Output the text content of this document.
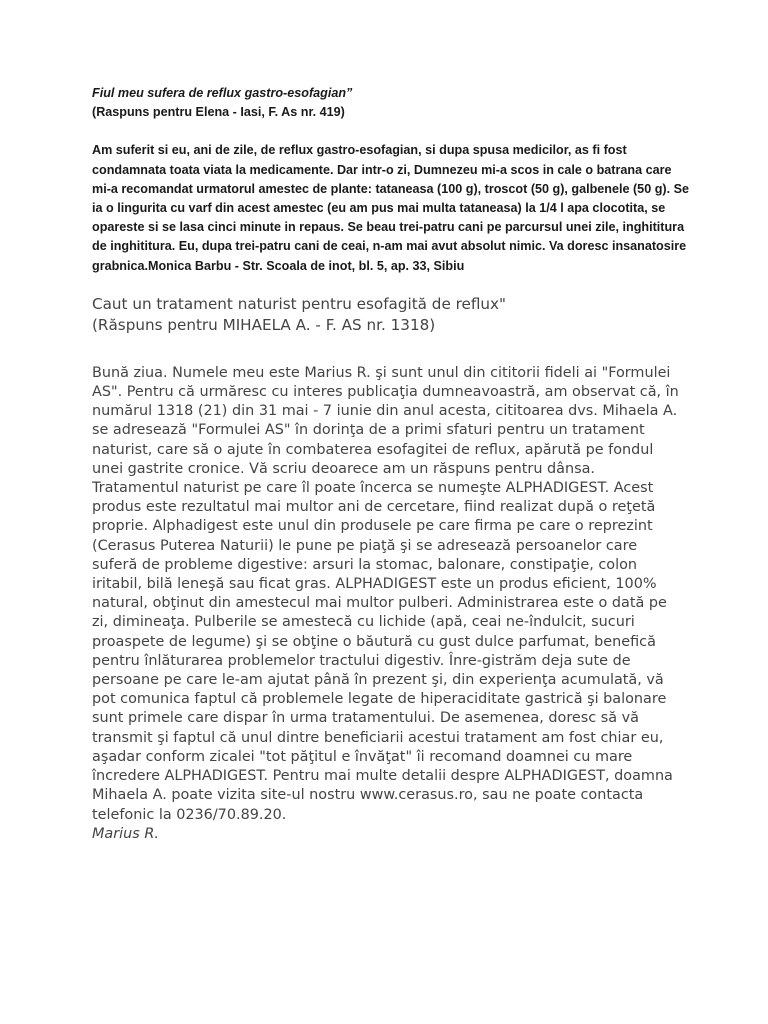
Fiul meu sufera de reflux gastro-esofagian”

(Raspuns pentru Elena - Iasi, F. As nr. 419)

Am suferit si eu, ani de zile, de reflux gastro-esofagian, si dupa spusa medicilor, as fi fost condamnata toata viata la medicamente. Dar intr-o zi, Dumnezeu mi-a scos in cale o batrana care mi-a recomandat urmatorul amestec de plante: tataneasa (100 g), troscot (50 g), galbenele (50 g). Se ia o lingurita cu varf din acest amestec (eu am pus mai multa tataneasa) la 1/4 l apa clocotita, se opareste si se lasa cinci minute in repaus. Se beau trei-patru cani pe parcursul unei zile, inghititura de inghititura. Eu, dupa trei-patru cani de ceai, n-am mai avut absolut nimic. Va doresc insanatosire grabnica.Monica Barbu - Str. Scoala de inot, bl. 5, ap. 33, Sibiu

Caut un tratament naturist pentru esofagită de reflux"
(Răspuns pentru MIHAELA A. - F. AS nr. 1318)

Bună ziua. Numele meu este Marius R. şi sunt unul din cititorii fideli ai "Formulei AS". Pentru că urmăresc cu interes publicaţia dumneavoastră, am observat că, în numărul 1318 (21) din 31 mai - 7 iunie din anul acesta, cititoarea dvs. Mihaela A. se adresează "Formulei AS" în dorinţa de a primi sfaturi pentru un tratament naturist, care să o ajute în combaterea esofagitei de reflux, apărută pe fondul unei gastrite cronice. Vă scriu deoarece am un răspuns pentru dânsa. Tratamentul naturist pe care îl poate încerca se numeşte ALPHADIGEST. Acest produs este rezultatul mai multor ani de cercetare, fiind realizat după o reţetă proprie. Alphadigest este unul din produsele pe care firma pe care o reprezint (Cerasus Puterea Naturii) le pune pe piaţă şi se adresează persoanelor care suferă de probleme digestive: arsuri la stomac, balonare, constipaţie, colon iritabil, bilă leneşă sau ficat gras. ALPHADIGEST este un produs eficient, 100% natural, obţinut din amestecul mai multor pulberi. Administrarea este o dată pe zi, dimineaţa. Pulberile se amestecă cu lichide (apă, ceai ne-îndulcit, sucuri proaspete de legume) şi se obţine o băutură cu gust dulce parfumat, benefică pentru înlăturarea problemelor tractului digestiv. Înre-gistrăm deja sute de persoane pe care le-am ajutat până în prezent şi, din experienţa acumulată, vă pot comunica faptul că problemele legate de hiperaciditate gastrică şi balonare sunt primele care dispar în urma tratamentului. De asemenea, doresc să vă transmit şi faptul că unul dintre beneficiarii acestui tratament am fost chiar eu, aşadar conform zicalei "tot păţitul e învăţat" îi recomand doamnei cu mare încredere ALPHADIGEST. Pentru mai multe detalii despre ALPHADIGEST, doamna Mihaela A. poate vizita site-ul nostru www.cerasus.ro, sau ne poate contacta telefonic la 0236/70.89.20.

Marius R.
